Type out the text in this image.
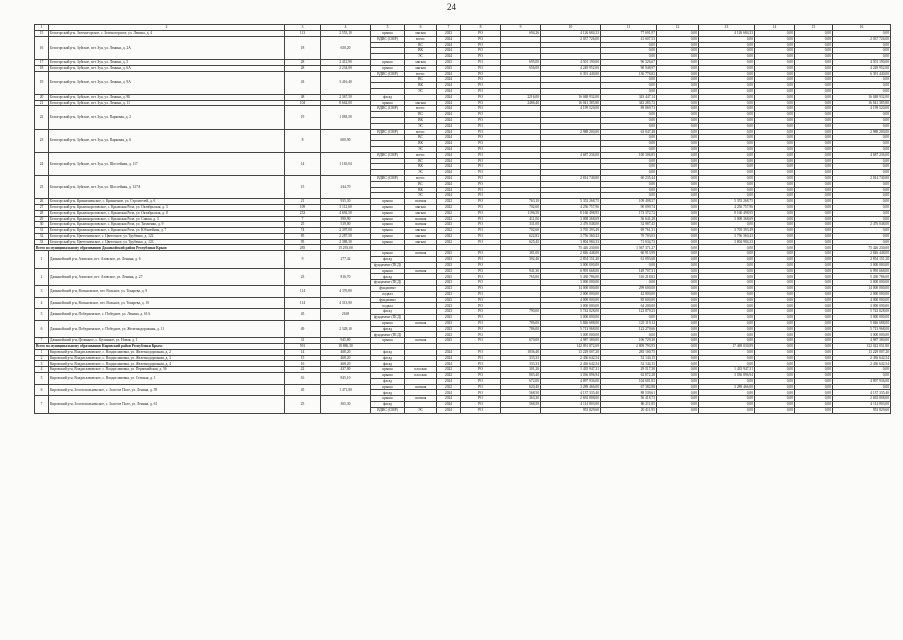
24
1	2	3	4	5	6	7	8	9	10	11	12	13	14	15	16
15	Белогорский р-н, Зеленогорское, с. Зеленогорское, ул. Ленина, д. 4	113	2 553,10	крыша	мягкая	2023	РО	694,26	4 126 684,33	77 691,97	0,00	4 126 684,33	0,00	0,00	0,00
16	Белогорский р-н, Зуйское, пгт. Зуя, ул. Ленина, д. 2А	18	650,20	ВДИС (СМР)	всего:	2024	РО		2 037 726,00	41 607,53	0,00	0,00	0,00	0,00	2 037 726,00
					ВС	2024	РО			0,00	0,00	0,00	0,00	0,00	0,00
					ВК	2024	РО			0,00	0,00	0,00	0,00	0,00	0,00
					ЭС	2024	РО			0,00	0,00	0,00	0,00	0,00	0,00
17	Белогорский р-н, Зуйское, пгт. Зуя, ул. Ленина, д. 5	28	2 412,90	крыша	мягкая	2023	РО	695,00	4 501 190,00	96 326,67	0,00	0,00	0,00	0,00	4 501 190,00
18	Белогорский р-н, Зуйское, пгт. Зуя, ул. Ленина, д. 6А	28	2 234,00	крыша	мягкая	2023	РО	656,00	4 249 952,00	90 948,97	0,00	0,00	0,00	0,00	4 249 952,00
19	Белогорский р-н, Зуйское, пгт. Зуя, ул. Ленина, д. 9А	43	3 416,40	ВДИС (СМР)	всего:	2024	РО		6 391 440,00	136 776,82	0,00	0,00	0,00	0,00	6 391 440,00
					ВС	2024	РО			0,00	0,00	0,00	0,00	0,00	0,00
					ВК	2024	РО			0,00	0,00	0,00	0,00	0,00	0,00
					ЭС	2024	РО			0,00	0,00	0,00	0,00	0,00	0,00
20	Белогорский р-н, Зуйское, пгт. Зуя, ул. Ленина, д. 9Б	48	2 367,50	фасад		2024	РО	2216,00	16 048 932,00	343 447,14	0,00	0,00	0,00	0,00	16 048 932,00
21	Белогорский р-н, Зуйское, пгт. Зуя, ул. Ленина, д. 11	104	8 662,00	крыша	мягкая	2024	РО	2486,40	16 041 385,80	343 285,72	0,00	0,00	0,00	0,00	16 041 385,80
22	Белогорский р-н, Зуйское, пгт. Зуя, ул. Парковая, д. 2	19	1 083,50	ВДИС (СМР)	всего:	2024	РО		4 199 520,00	89 069,73	0,00	0,00	0,00	0,00	4 199 520,00
					ВС	2024	РО			0,00	0,00	0,00	0,00	0,00	0,00
					ВК	2024	РО			0,00	0,00	0,00	0,00	0,00	0,00
					ЭС	2024	РО			0,00	0,00	0,00	0,00	0,00	0,00
23	Белогорский р-н, Зуйское, пгт. Зуя, ул. Парковая, д. 6	8	600,90	ВДИС (СМР)	всего:	2024	РО		2 988 200,00	63 947,48	0,00	0,00	0,00	0,00	2 988 200,00
					ВС	2024	РО			0,00	0,00	0,00	0,00	0,00	0,00
					ВК	2024	РО			0,00	0,00	0,00	0,00	0,00	0,00
					ЭС	2024	РО			0,00	0,00	0,00	0,00	0,00	0,00
24	Белогорский р-н, Зуйское, пгт. Зуя, ул. Шоссейная, д. 117	14	1 165,04	ВДИС (СМР)	всего:	2024	РО		4 687 236,00	100 306,85	0,00	0,00	0,00	0,00	4 687 236,00
					ВС	2024	РО			0,00	0,00	0,00	0,00	0,00	0,00
					ВК	2024	РО			0,00	0,00	0,00	0,00	0,00	0,00
					ЭС	2024	РО			0,00	0,00	0,00	0,00	0,00	0,00
25	Белогорский р-н, Зуйское, пгт. Зуя, ул. Шоссейная, д. 127А	15	244,70	ВДИС (СМР)	всего:	2024	РО		2 814 740,00	60 235,44	0,00	0,00	0,00	0,00	2 814 740,00
					ВС	2024	РО			0,00	0,00	0,00	0,00	0,00	0,00
					ВК	2024	РО			0,00	0,00	0,00	0,00	0,00	0,00
					ЭС	2024	РО			0,00	0,00	0,00	0,00	0,00	0,00
26	Белогорский р-н, Криничненское, с. Криничное, ул. Строителей, д. 6	21	935,30	крыша	скатная	2022	РО	763,10	5 353 268,75	109 408,57	0,00	5 353 268,75	0,00	0,00	0,00
27	Белогорский р-н, Крымскорозовское, с. Крымская Роза, ул. Октябрьская, д. 3	109	3 112,60	крыша	мягкая	2022	РО	702,60	4 256 757,96	90 099,74	0,00	4 256 757,96	0,00	0,00	0,00
28	Белогорский р-н, Крымскорозовское, с. Крымская Роза, ул. Октябрьская, д. 8	233	4 692,50	крыша	мягкая	2022	РО	1196,50	8 160 498,95	173 372,72	0,00	8 160 498,95	0,00	0,00	0,00
29	Белогорский р-н, Крымскорозовское, с. Крымская Роза, ул. Сиваш, д. 3	7	390,90	крыша	скатная	2022	РО	411,00	3 008 368,69	56 641,28	0,00	3 008 368,69	0,00	0,00	0,00
30	Белогорский р-н, Крымскорозовское, с. Крымская Роза, ул. Тимченко, д. 9	25	519,00	крыша	скатная	2023	РО	331,00	2 476 048,00	52 987,43	0,00	0,00	0,00	0,00	2 476 048,00
31	Белогорский р-н, Крымскорозовское, с. Крымская Роза, ул. Юбилейная, д. 7	74	2 397,00	крыша	мягкая	2022	РО	702,60	3 705 393,49	69 761,31	0,00	3 705 393,49	0,00	0,00	0,00
32	Белогорский р-н, Цветочненское, с. Цветочное, ул. Трубенко, д. 122	85	2 287,50	крыша	мягкая	2022	РО	622,83	3 756 360,43	70 703,03	0,00	3 756 360,43	0,00	0,00	0,00
33	Белогорский р-н, Цветочненское, с. Цветочное, ул. Трубенко, д. 123	95	2 388,30	крыша	мягкая	2022	РО	625,45	3 804 984,33	71 634,73	0,00	3 804 984,33	0,00	0,00	0,00
Всего по муниципальному образованию Джанкойский район Республики Крым:		285	15 293,00						75 426 230,00	1 567 371,27	0,00	0,00	0,00	0,00	75 426 230,00
1	Джанкойский р-н, Азовское, пгт. Азовское, ул. Ленина, д. 6	9	277,42	крыша	скатная	2023	РО	381,00	2 846 448,00	60 913,99	0,00	0,00	0,00	0,00	2 846 448,00
				фасад		2023	РО	392,40	2 854 151,20	61 093,68	0,00	0,00	0,00	0,00	2 854 151,20
				фундамент (ПСД)		2023	РО		3 000 000,00	0,00	0,00	0,00	0,00	0,00	3 000 000,00
2	Джанкойский р-н, Азовское, пгт. Азовское, ул. Ленина, д. 27	23	816,70	крыша	скатная	2023	РО	941,30	6 995 668,00	149 707,31	0,00	0,00	0,00	0,00	6 995 668,00
				фасад		2023	РО	765,00	5 430 786,00	116 218,82	0,00	0,00	0,00	0,00	5 430 786,00
				фундамент (ПСД)		2023	РО		3 000 000,00	0,00	0,00	0,00	0,00	0,00	3 000 000,00
3	Джанкойский р-н, Вольновское, пгт. Вольное, ул. Токарева, д. 9	114	4 376,80	фундамент		2023	РО		14 000 000,00	299 600,00	0,00	0,00	0,00	0,00	14 000 000,00
				подвал		2023	РО		2 000 000,00	42 800,00	0,00	0,00	0,00	0,00	2 000 000,00
4	Джанкойский р-н, Вольновское, пгт. Вольное, ул. Токарева, д. 10	114	4 313,90	фундамент		2023	РО		4 000 000,00	85 600,00	0,00	0,00	0,00	0,00	4 000 000,00
				подвал		2023	РО		3 000 000,00	64 200,00	0,00	0,00	0,00	0,00	3 000 000,00
5	Джанкойский р-н, Победненское, с. Победное, ул. Ленина, д. 61А	45	2168	фасад		2023	РО	790,00	5 742 028,00	122 879,23	0,00	0,00	0,00	0,00	5 742 028,00
				фундамент (ПСД)		2023	РО		3 000 000,00	0,00	0,00	0,00	0,00	0,00	3 000 000,00
6	Джанкойский р-н, Победненское, с. Победное, ул. Железнодорожная, д. 11	49	2 328,10	крыша	скатная	2023	РО	786,00	5 846 688,00	125 119,12	0,00	0,00	0,00	0,00	5 846 688,00
				фасад		2023	РО	786,00	5 713 968,00	122 279,66	0,00	0,00	0,00	0,00	5 713 968,00
				фундамент (ПСД)		2023	РО		3 000 000,00	0,00	0,00	0,00	0,00	0,00	3 000 000,00
7	Джанкойский р-н, Целинное, с. Целинное, ул. Новая, д. 1	31	945,80	крыша	скатная	2023	РО	670,00	4 987 380,00	106 729,30	0,00	0,00	0,00	0,00	4 987 380,00
Всего по муниципальному образованию Кировский район Республики Крым:		591	18 886,30						142 091 872,69	2 809 793,95	0,00	17 469 030,89	0,00	0,00	122 022 031,80
1	Кировский р-н, Владиславовское, с. Владиславовка, ул. Железнодорожная, д. 2	14	468,20	фасад		2024	РО	1836,40	13 229 007,20	283 100,75	0,00	0,00	0,00	0,00	13 229 007,20
2	Кировский р-н, Владиславовское, с. Владиславовка, ул. Железнодорожная, д. 3	15	468,20	фасад		2024	РО	333,33	2 436 642,54	52 144,15	0,00	0,00	0,00	0,00	2 436 642,54
3	Кировский р-н, Владиславовское, с. Владиславовка, ул. Железнодорожная, д. 4	16	468,20	фасад		2024	РО	333,33	2 436 642,54	52 144,15	0,00	0,00	0,00	0,00	2 436 642,54
4	Кировский р-н, Владиславовское, с. Владиславовка, ул. Первомайская, д. 56	22	437,00	крыша	плоская	2022	РО	301,26	1 435 947,31	29 517,30	0,00	1 435 947,31	0,00	0,00	0,00
5	Кировский р-н, Владиславовское, с. Владиславовка, ул. Степная, д. 1	16	845,10	крыша	плоская	2022	РО	803,40	3 036 896,94	62 872,28	0,00	3 036 896,94	0,00	0,00	0,00
				фасад		2024	РО	672,00	4 897 936,00	104 601,83	0,00	0,00	0,00	0,00	4 897 936,00
6	Кировский р-н, Золотопольненское, с. Золотое Поле, ул. Ленина, д. 59	45	1 471,80	крыша	скатная	2022	РО	620,40	3 289 466,00	67 382,88	0,00	3 289 466,00	0,00	0,00	0,00
				фасад		2024	РО	568,50	4 137 335,40	88 539,61	0,00	0,00	0,00	0,00	4 137 335,40
7	Кировский р-н, Золотопольненское, с. Золотое Поле, ул. Ленина, д. 61	25	305,30	крыша	скатная	2024	РО	363,30	2 692 808,00	56 418,73	0,00	0,00	0,00	0,00	2 692 808,00
				фасад		2024	РО	568,50	4 114 803,00	86 211,85	0,00	0,00	0,00	0,00	4 114 803,00
				ВДИС (СМР)	ЭС	2024	РО		953 829,60	20 411,95	0,00	0,00	0,00	0,00	953 829,60
